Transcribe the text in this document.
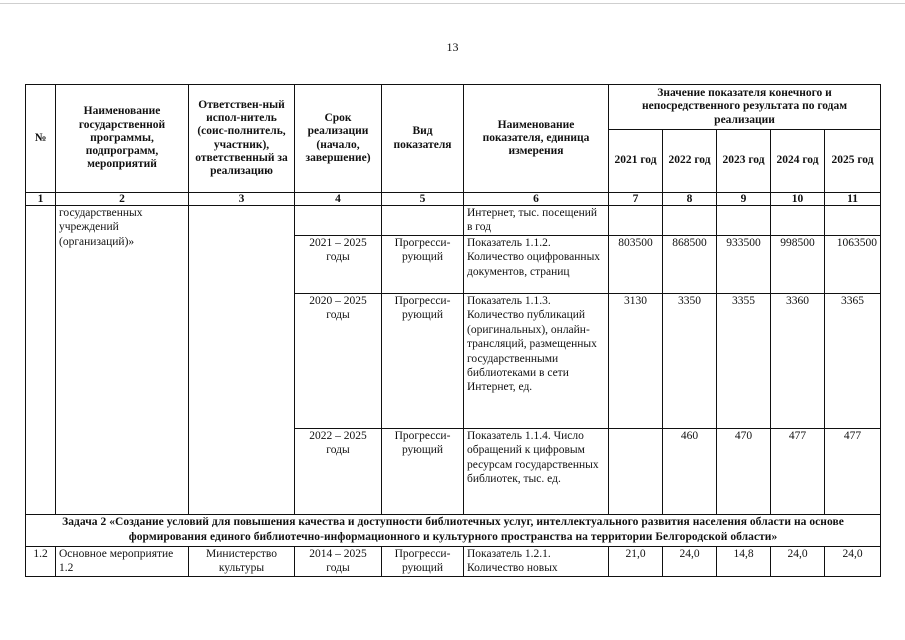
13
№	Наименование государственной программы, подпрограмм, мероприятий	Ответствен-ный испол-нитель (соис-полнитель, участник), ответственный за реализацию	Срок реализации (начало, завершение)	Вид показателя	Наименование показателя, единица измерения	Значение показателя конечного и непосредственного результата по годам реализации				
						2021 год	2022 год	2023 год	2024 год	2025 год
1	2	3	4	5	6	7	8	9	10	11
	государственных учреждений (организаций)»				Интернет, тыс. посещений в год					
			2021 – 2025 годы	Прогресси-рующий	Показатель 1.1.2. Количество оцифрованных документов, страниц	803500	868500	933500	998500	1063500
			2020 – 2025 годы	Прогресси-рующий	Показатель 1.1.3. Количество публикаций (оригинальных), онлайн-трансляций, размещенных государственными библиотеками в сети Интернет, ед.	3130	3350	3355	3360	3365
			2022 – 2025 годы	Прогресси-рующий	Показатель 1.1.4. Число обращений к цифровым ресурсам государственных библиотек, тыс. ед.		460	470	477	477
Задача 2 «Создание условий для повышения качества и доступности библиотечных услуг, интеллектуального развития населения области на основе формирования единого библиотечно-информационного и культурного пространства на территории Белгородской области»										
1.2	Основное мероприятие 1.2	Министерство культуры	2014 – 2025 годы	Прогресси-рующий	Показатель 1.2.1. Количество новых	21,0	24,0	14,8	24,0	24,0
